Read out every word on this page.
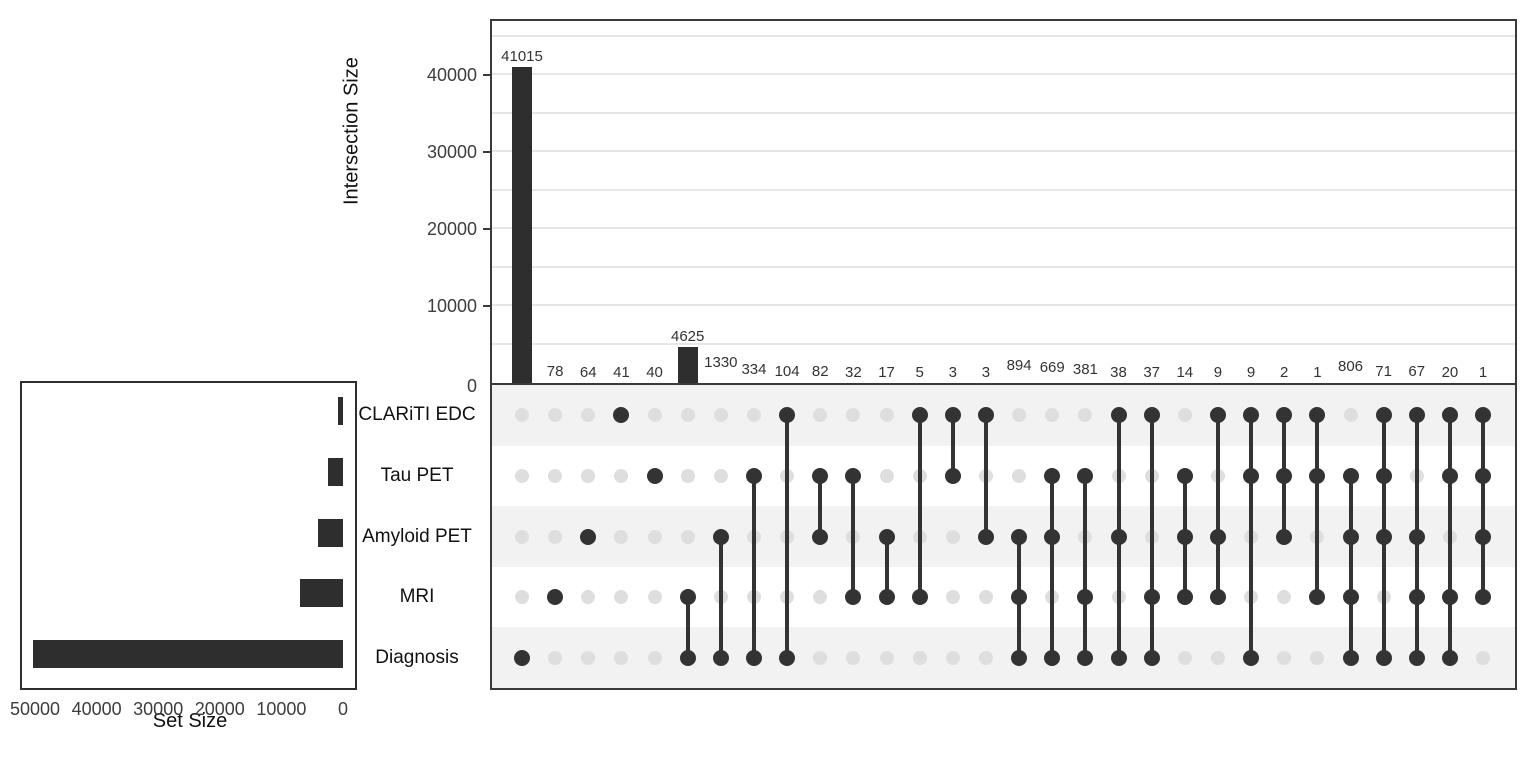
Intersection Size
Set Size
0
10000
20000
30000
40000
41015
78 64 41 40
4625
1330 334 104 82 32 17 5 3 3 894 669 381 38 37 14 9 9 2 1 806 71 67 20 1
50000 40000 30000 20000 10000 0
CLARiTI EDC
Tau PET
Amyloid PET
MRI
Diagnosis
